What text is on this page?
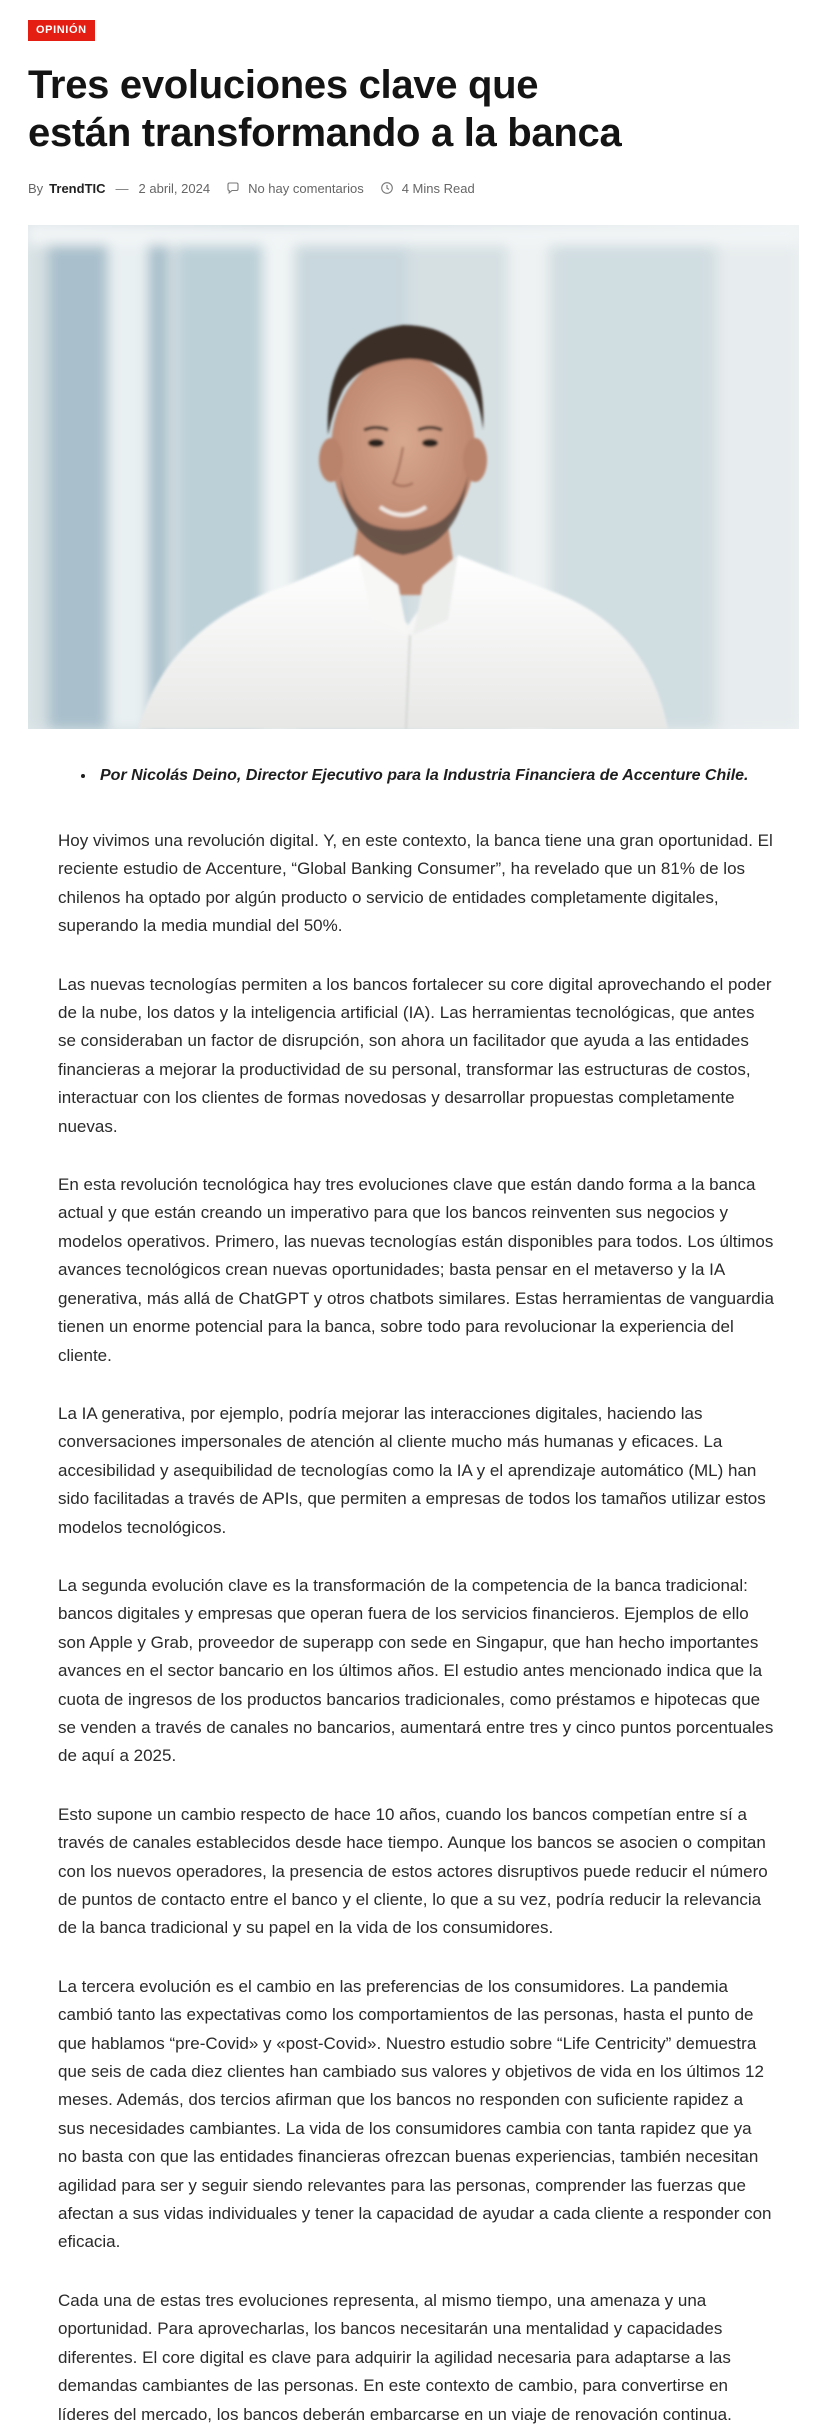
OPINIÓN
Tres evoluciones clave que están transformando a la banca
By TrendTIC — 2 abril, 2024	No hay comentarios	4 Mins Read
• Por Nicolás Deino, Director Ejecutivo para la Industria Financiera de Accenture Chile.

Hoy vivimos una revolución digital. Y, en este contexto, la banca tiene una gran oportunidad. El reciente estudio de Accenture, “Global Banking Consumer”, ha revelado que un 81% de los chilenos ha optado por algún producto o servicio de entidades completamente digitales, superando la media mundial del 50%.

Las nuevas tecnologías permiten a los bancos fortalecer su core digital aprovechando el poder de la nube, los datos y la inteligencia artificial (IA). Las herramientas tecnológicas, que antes se consideraban un factor de disrupción, son ahora un facilitador que ayuda a las entidades financieras a mejorar la productividad de su personal, transformar las estructuras de costos, interactuar con los clientes de formas novedosas y desarrollar propuestas completamente nuevas.

En esta revolución tecnológica hay tres evoluciones clave que están dando forma a la banca actual y que están creando un imperativo para que los bancos reinventen sus negocios y modelos operativos. Primero, las nuevas tecnologías están disponibles para todos. Los últimos avances tecnológicos crean nuevas oportunidades; basta pensar en el metaverso y la IA generativa, más allá de ChatGPT y otros chatbots similares. Estas herramientas de vanguardia tienen un enorme potencial para la banca, sobre todo para revolucionar la experiencia del cliente.

La IA generativa, por ejemplo, podría mejorar las interacciones digitales, haciendo las conversaciones impersonales de atención al cliente mucho más humanas y eficaces. La accesibilidad y asequibilidad de tecnologías como la IA y el aprendizaje automático (ML) han sido facilitadas a través de APIs, que permiten a empresas de todos los tamaños utilizar estos modelos tecnológicos.

La segunda evolución clave es la transformación de la competencia de la banca tradicional: bancos digitales y empresas que operan fuera de los servicios financieros. Ejemplos de ello son Apple y Grab, proveedor de superapp con sede en Singapur, que han hecho importantes avances en el sector bancario en los últimos años. El estudio antes mencionado indica que la cuota de ingresos de los productos bancarios tradicionales, como préstamos e hipotecas que se venden a través de canales no bancarios, aumentará entre tres y cinco puntos porcentuales de aquí a 2025.

Esto supone un cambio respecto de hace 10 años, cuando los bancos competían entre sí a través de canales establecidos desde hace tiempo. Aunque los bancos se asocien o compitan con los nuevos operadores, la presencia de estos actores disruptivos puede reducir el número de puntos de contacto entre el banco y el cliente, lo que a su vez, podría reducir la relevancia de la banca tradicional y su papel en la vida de los consumidores.

La tercera evolución es el cambio en las preferencias de los consumidores. La pandemia cambió tanto las expectativas como los comportamientos de las personas, hasta el punto de que hablamos “pre-Covid» y «post-Covid». Nuestro estudio sobre “Life Centricity” demuestra que seis de cada diez clientes han cambiado sus valores y objetivos de vida en los últimos 12 meses. Además, dos tercios afirman que los bancos no responden con suficiente rapidez a sus necesidades cambiantes. La vida de los consumidores cambia con tanta rapidez que ya no basta con que las entidades financieras ofrezcan buenas experiencias, también necesitan agilidad para ser y seguir siendo relevantes para las personas, comprender las fuerzas que afectan a sus vidas individuales y tener la capacidad de ayudar a cada cliente a responder con eficacia.

Cada una de estas tres evoluciones representa, al mismo tiempo, una amenaza y una oportunidad. Para aprovecharlas, los bancos necesitarán una mentalidad y capacidades diferentes. El core digital es clave para adquirir la agilidad necesaria para adaptarse a las demandas cambiantes de las personas. En este contexto de cambio, para convertirse en líderes del mercado, los bancos deberán embarcarse en un viaje de renovación continua.
